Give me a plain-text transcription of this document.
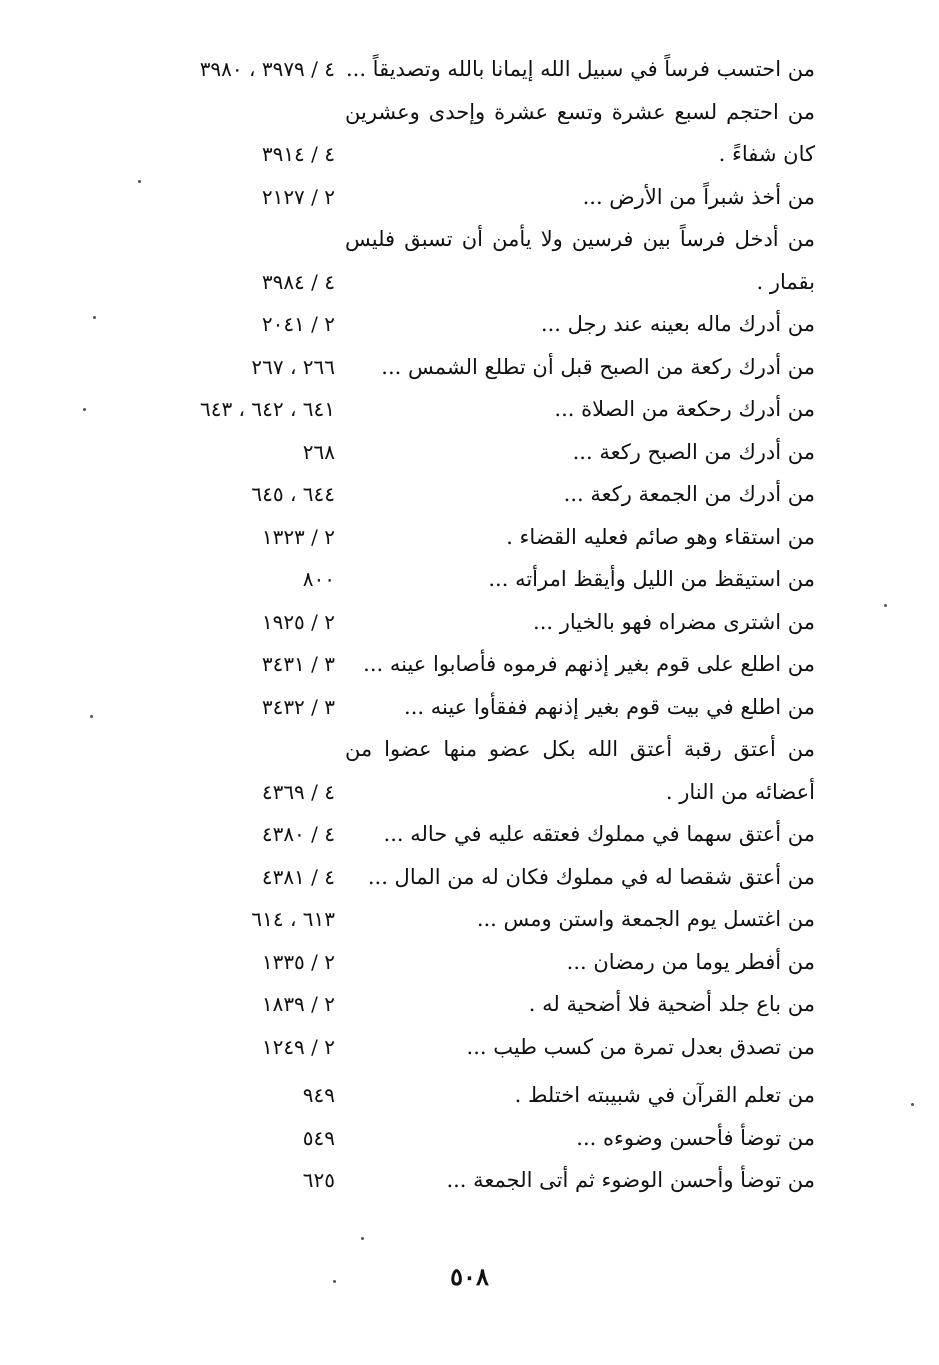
من احتسب فرساً في سبيل الله إيمانا بالله وتصديقاً ...
٤ / ٣٩٧٩ ، ٣٩٨٠
من احتجم لسبع عشرة وتسع عشرة وإحدى وعشرين
كان شفاءً .
٤ / ٣٩١٤
من أخذ شبراً من الأرض ...
٢ / ٢١٢٧
من أدخل فرساً بين فرسين ولا يأمن أن تسبق فليس
بقمار .
٤ / ٣٩٨٤
من أدرك ماله بعينه عند رجل ...
٢ / ٢٠٤١
من أدرك ركعة من الصبح قبل أن تطلع الشمس ...
٢٦٦ ، ٢٦٧
من أدرك رحكعة من الصلاة ...
٦٤١ ، ٦٤٢ ، ٦٤٣
من أدرك من الصبح ركعة ...
٢٦٨
من أدرك من الجمعة ركعة ...
٦٤٤ ، ٦٤٥
من استقاء وهو صائم فعليه القضاء .
٢ / ١٣٢٣
من استيقظ من الليل وأيقظ امرأته ...
٨٠٠
من اشترى مضراه فهو بالخيار ...
٢ / ١٩٢٥
من اطلع على قوم بغير إذنهم فرموه فأصابوا عينه ...
٣ / ٣٤٣١
من اطلع في بيت قوم بغير إذنهم ففقأوا عينه ...
٣ / ٣٤٣٢
من أعتق رقبة أعتق الله بكل عضو منها عضوا من
أعضائه من النار .
٤ / ٤٣٦٩
من أعتق سهما في مملوك فعتقه عليه في حاله ...
٤ / ٤٣٨٠
من أعتق شقصا له في مملوك فكان له من المال ...
٤ / ٤٣٨١
من اغتسل يوم الجمعة واستن ومس ...
٦١٣ ، ٦١٤
من أفطر يوما من رمضان ...
٢ / ١٣٣٥
من باع جلد أضحية فلا أضحية له .
٢ / ١٨٣٩
من تصدق بعدل تمرة من كسب طيب ...
٢ / ١٢٤٩
من تعلم القرآن في شبيبته اختلط .
٩٤٩
من توضأ فأحسن وضوءه ...
٥٤٩
من توضأ وأحسن الوضوء ثم أتى الجمعة ...
٦٢٥
٥٠٨
